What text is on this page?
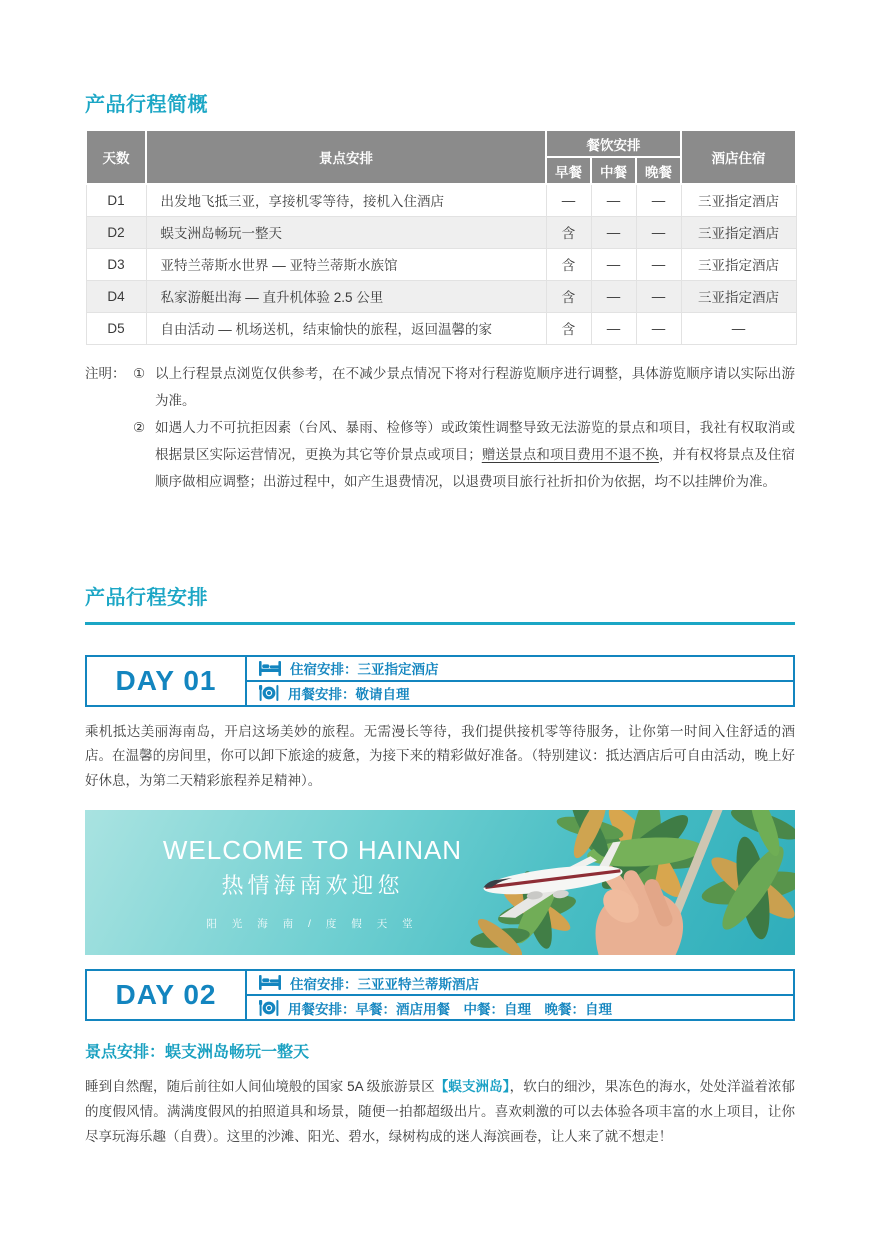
产品行程简概
天数	景点安排	餐饮安排			酒店住宿
		早餐	中餐	晚餐	
D1	出发地飞抵三亚，享接机零等待，接机入住酒店	—	—	—	三亚指定酒店
D2	蜈支洲岛畅玩一整天	含	—	—	三亚指定酒店
D3	亚特兰蒂斯水世界 — 亚特兰蒂斯水族馆	含	—	—	三亚指定酒店
D4	私家游艇出海 — 直升机体验 2.5 公里	含	—	—	三亚指定酒店
D5	自由活动 — 机场送机，结束愉快的旅程，返回温馨的家	含	—	—	—
注明： ① 以上行程景点浏览仅供参考，在不减少景点情况下将对行程游览顺序进行调整，具体游览顺序请以实际出游为准。
② 如遇人力不可抗拒因素（台风、暴雨、检修等）或政策性调整导致无法游览的景点和项目，我社有权取消或根据景区实际运营情况，更换为其它等价景点或项目；赠送景点和项目费用不退不换，并有权将景点及住宿顺序做相应调整；出游过程中，如产生退费情况，以退费项目旅行社折扣价为依据，均不以挂牌价为准。
产品行程安排
DAY 01	住宿安排：三亚指定酒店
用餐安排：敬请自理

乘机抵达美丽海南岛，开启这场美妙的旅程。无需漫长等待，我们提供接机零等待服务，让你第一时间入住舒适的酒店。在温馨的房间里，你可以卸下旅途的疲惫，为接下来的精彩做好准备。（特别建议：抵达酒店后可自由活动，晚上好好休息，为第二天精彩旅程养足精神）。

WELCOME TO HAINAN
热情海南欢迎您
阳 光 海 南 / 度 假 天 堂
DAY 02	住宿安排：三亚亚特兰蒂斯酒店
用餐安排：早餐：酒店用餐　中餐：自理　晚餐：自理
景点安排：蜈支洲岛畅玩一整天

睡到自然醒，随后前往如人间仙境般的国家 5A 级旅游景区【蜈支洲岛】，软白的细沙，果冻色的海水，处处洋溢着浓郁的度假风情。满满度假风的拍照道具和场景，随便一拍都超级出片。喜欢刺激的可以去体验各项丰富的水上项目，让你尽享玩海乐趣（自费）。这里的沙滩、阳光、碧水，绿树构成的迷人海滨画卷，让人来了就不想走！
